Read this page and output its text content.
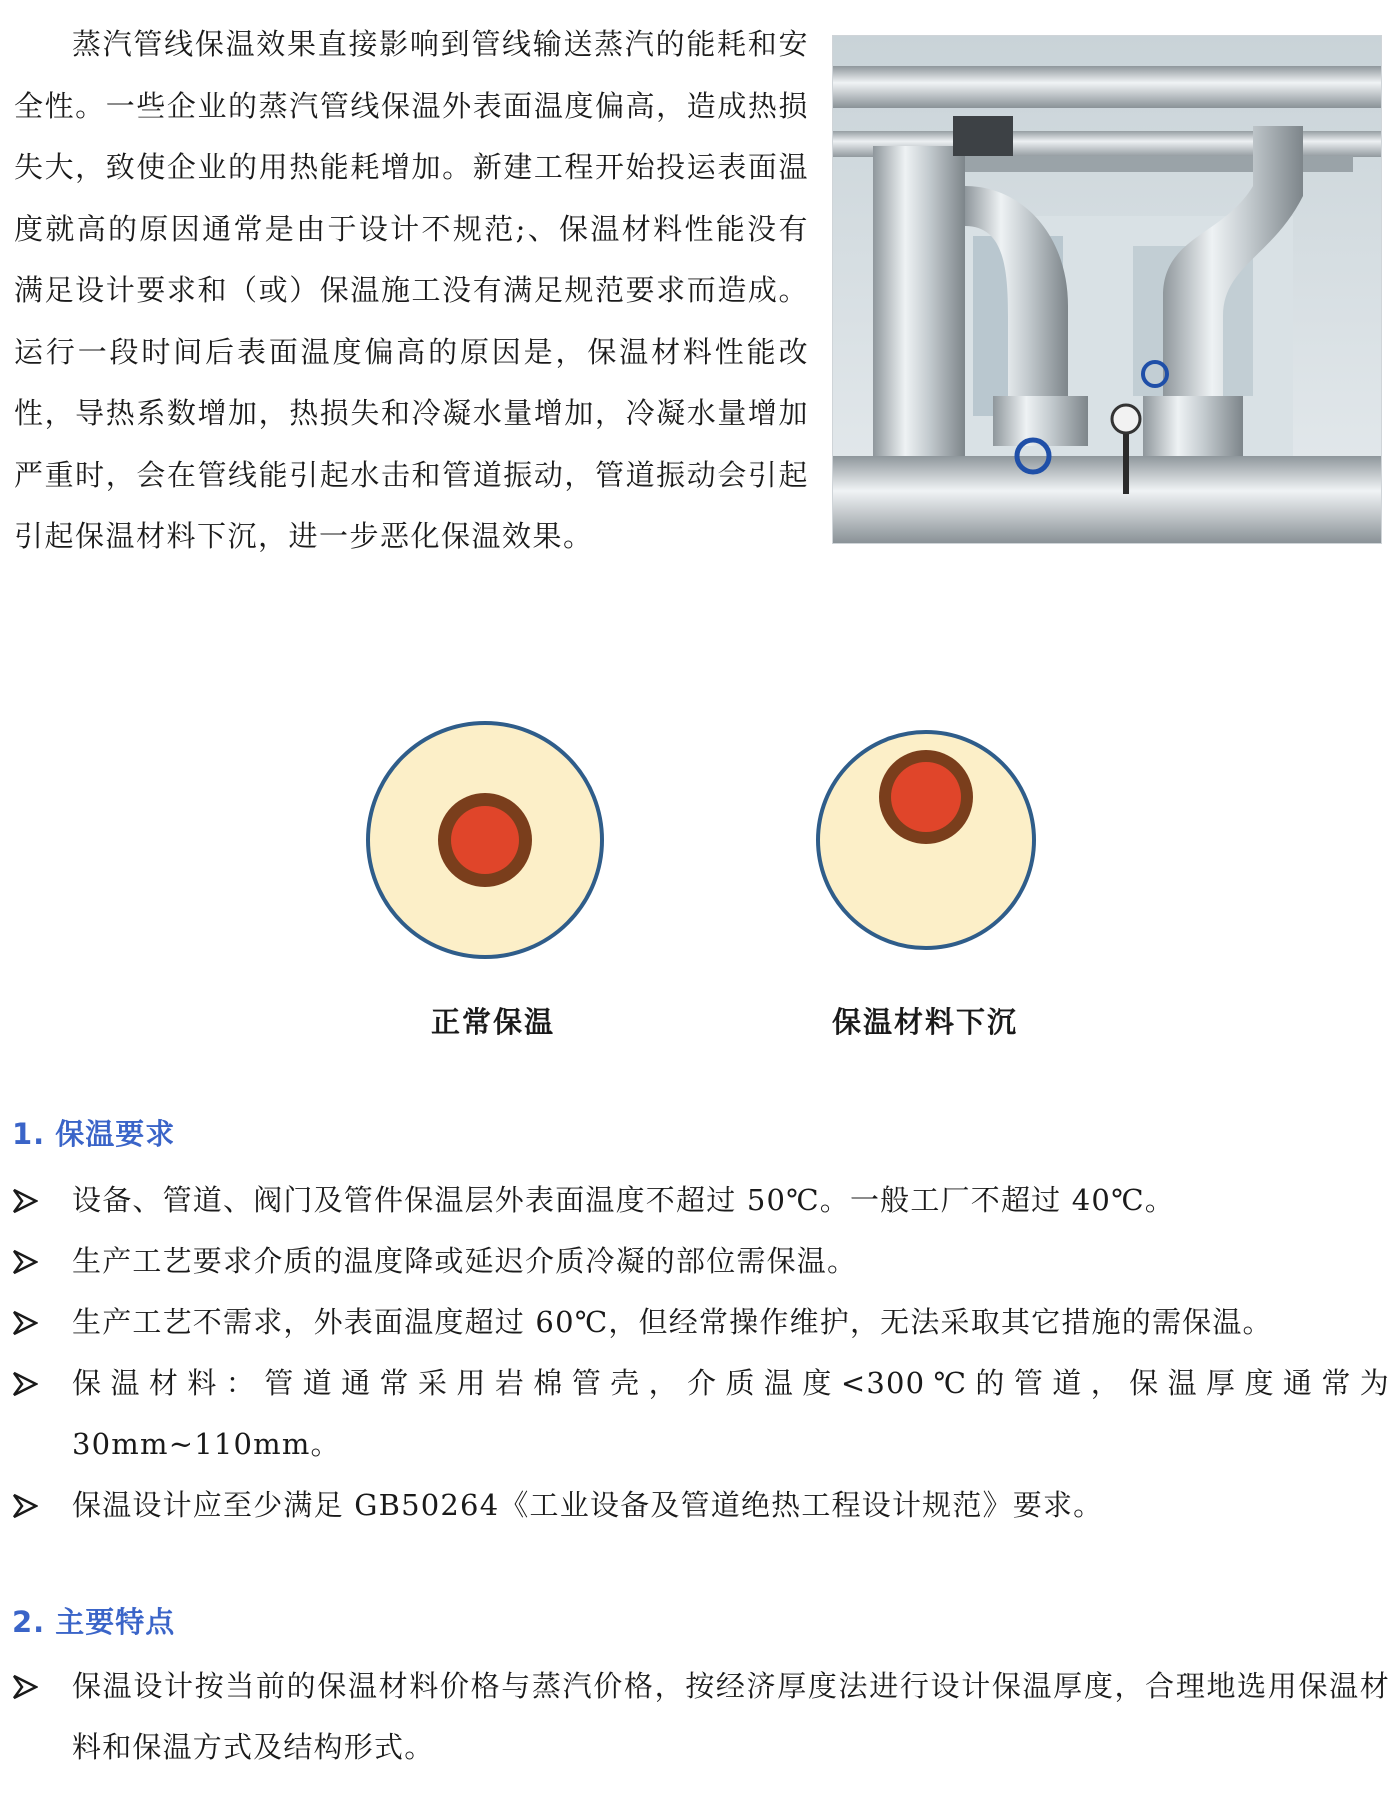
蒸汽管线保温效果直接影响到管线输送蒸汽的能耗和安全性。一些企业的蒸汽管线保温外表面温度偏高，造成热损失大，致使企业的用热能耗增加。新建工程开始投运表面温度就高的原因通常是由于设计不规范;、保温材料性能没有满足设计要求和（或）保温施工没有满足规范要求而造成。运行一段时间后表面温度偏高的原因是，保温材料性能改性，导热系数增加，热损失和冷凝水量增加，冷凝水量增加严重时，会在管线能引起水击和管道振动，管道振动会引起引起保温材料下沉，进一步恶化保温效果。

正常保温	保温材料下沉

1. 保温要求
设备、管道、阀门及管件保温层外表面温度不超过 50℃。一般工厂不超过 40℃。
生产工艺要求介质的温度降或延迟介质冷凝的部位需保温。
生产工艺不需求，外表面温度超过 60℃，但经常操作维护，无法采取其它措施的需保温。
保温材料：管道通常采用岩棉管壳，介质温度<300℃的管道，保温厚度通常为 30mm~110mm。
保温设计应至少满足 GB50264《工业设备及管道绝热工程设计规范》要求。
2. 主要特点
保温设计按当前的保温材料价格与蒸汽价格，按经济厚度法进行设计保温厚度，合理地选用保温材料和保温方式及结构形式。
